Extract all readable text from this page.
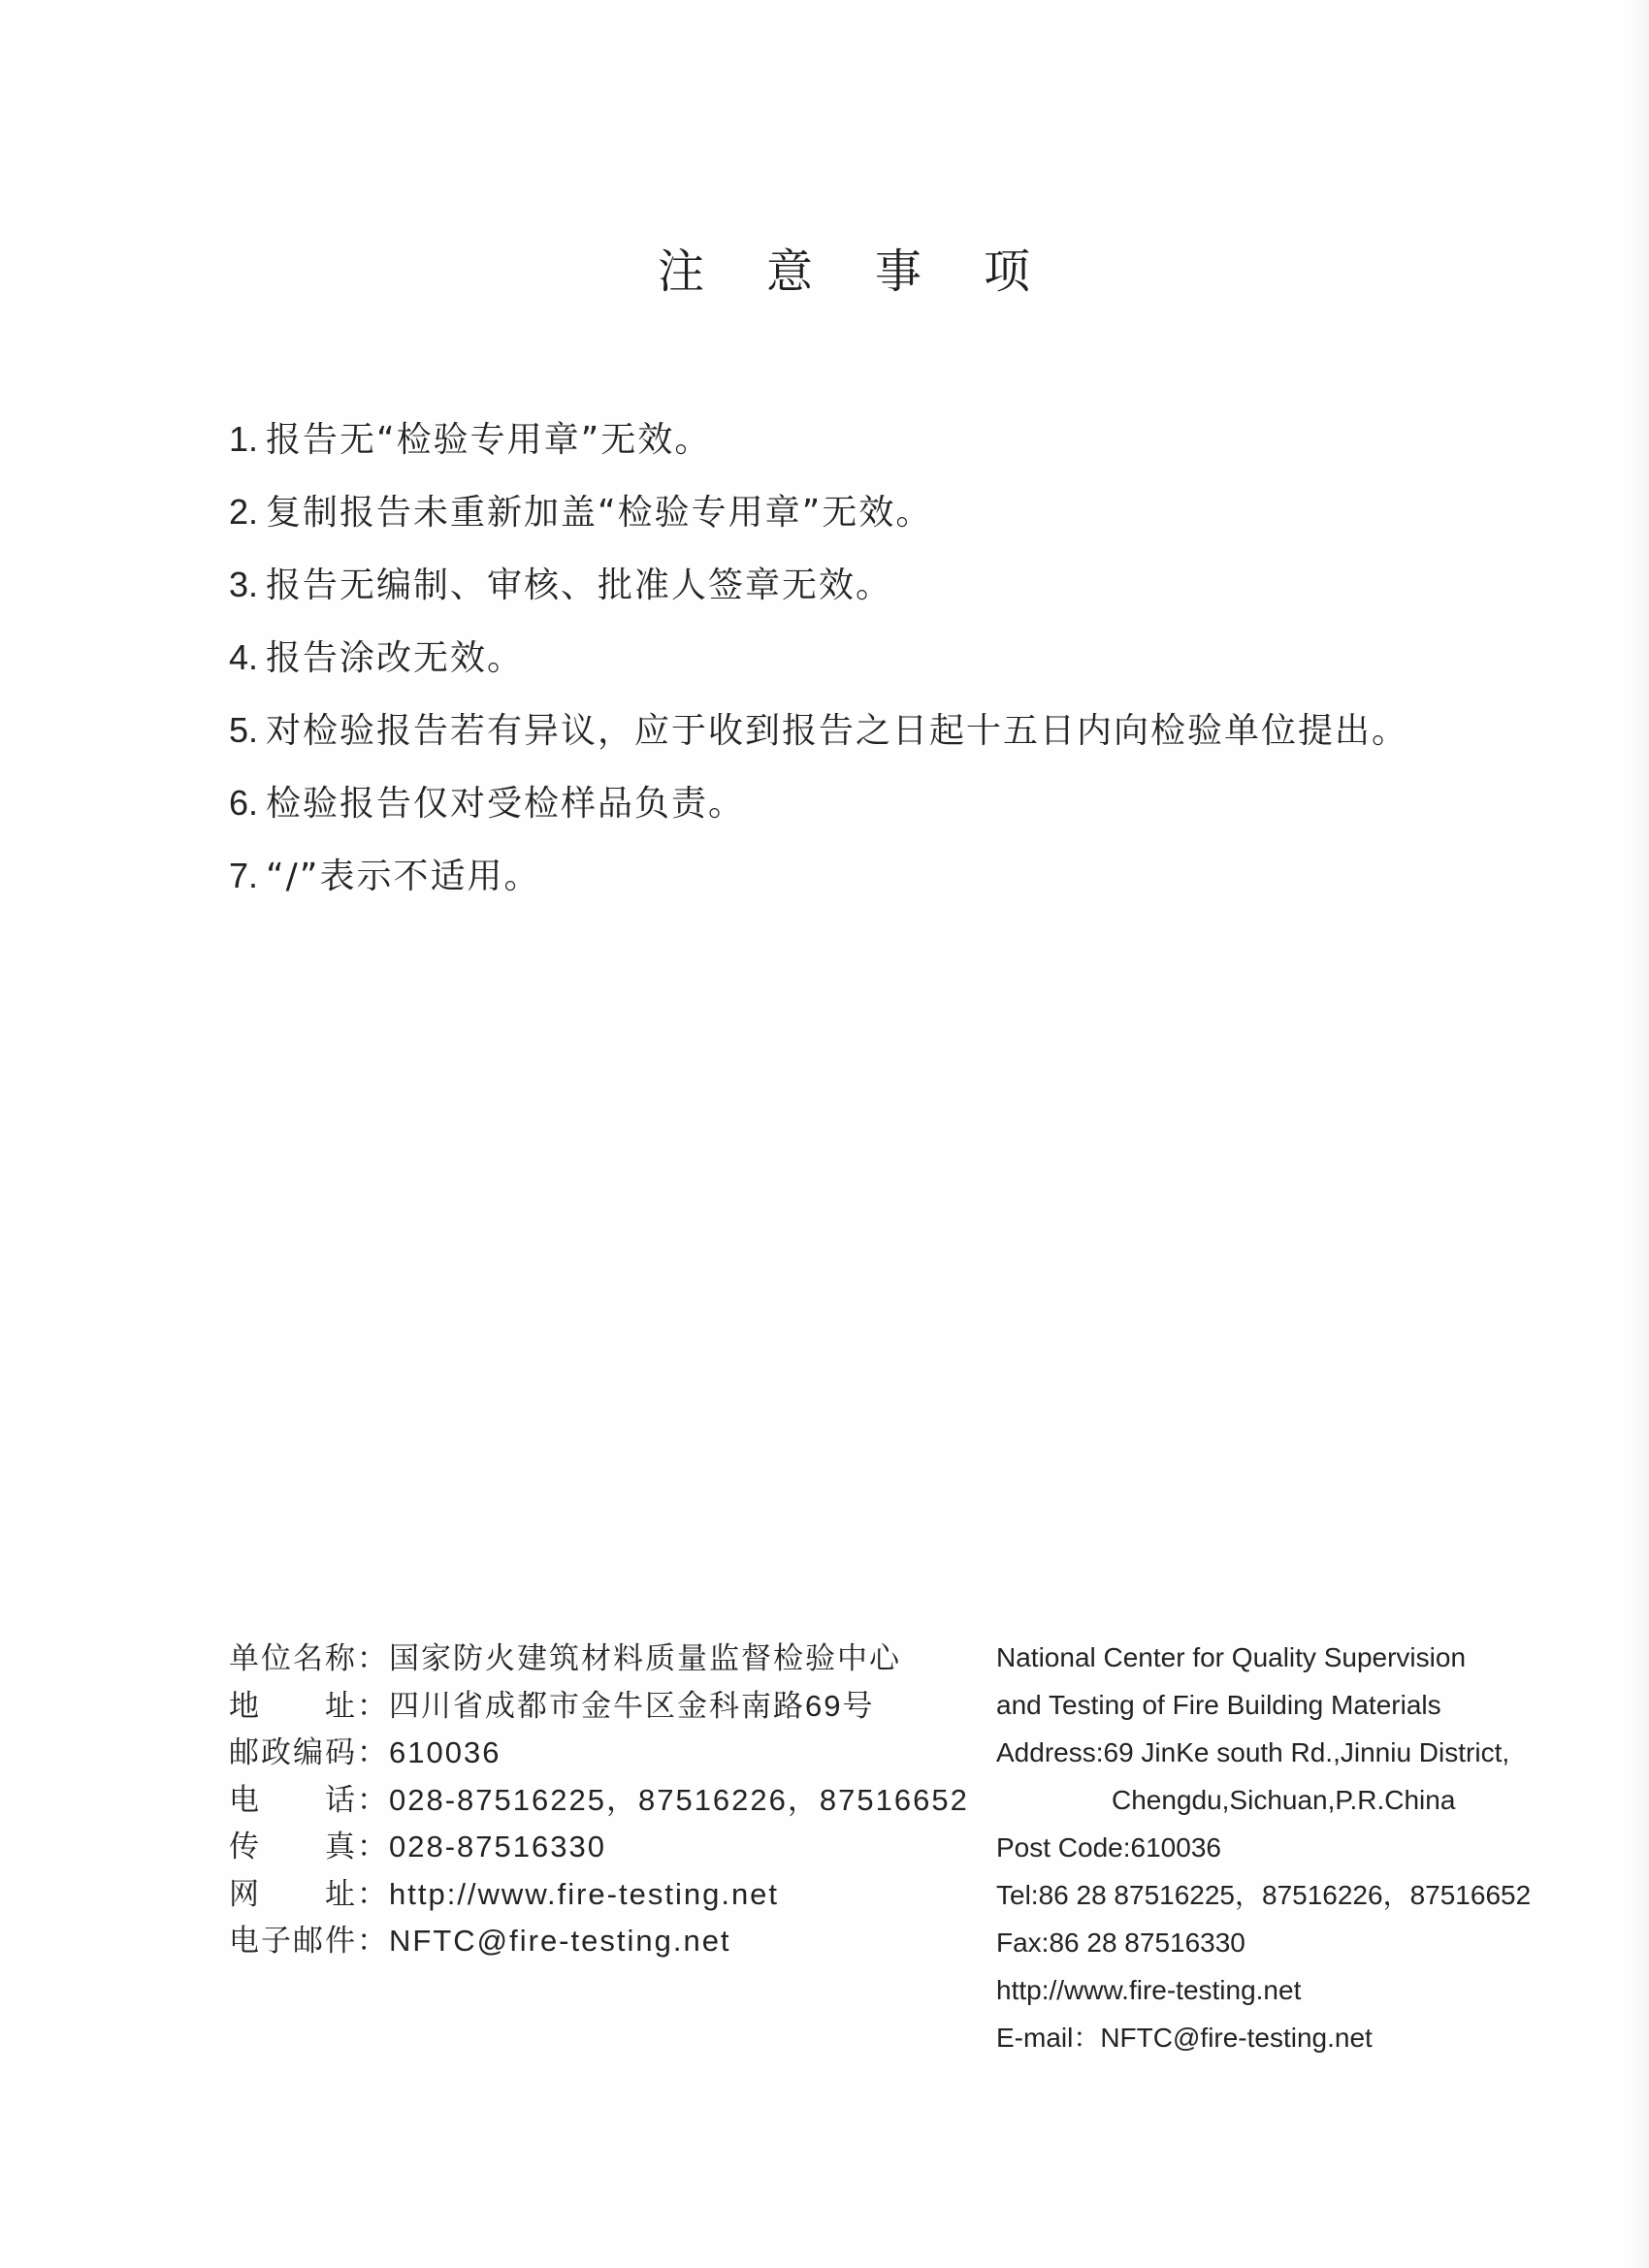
注意事项
1. 报告无“检验专用章”无效。
2. 复制报告未重新加盖“检验专用章”无效。
3. 报告无编制、审核、批准人签章无效。
4. 报告涂改无效。
5. 对检验报告若有异议，应于收到报告之日起十五日内向检验单位提出。
6. 检验报告仅对受检样品负责。
7. “/”表示不适用。
单位名称：国家防火建筑材料质量监督检验中心
地址：四川省成都市金牛区金科南路69号
邮政编码：610036
电话：028-87516225，87516226，87516652
传真：028-87516330
网址：http://www.fire-testing.net
电子邮件：NFTC@fire-testing.net
National Center for Quality Supervision
and Testing of Fire Building Materials
Address:69 JinKe south Rd.,Jinniu District,
Chengdu,Sichuan,P.R.China
Post Code:610036
Tel:86 28 87516225，87516226，87516652
Fax:86 28 87516330
http://www.fire-testing.net
E-mail：NFTC@fire-testing.net
